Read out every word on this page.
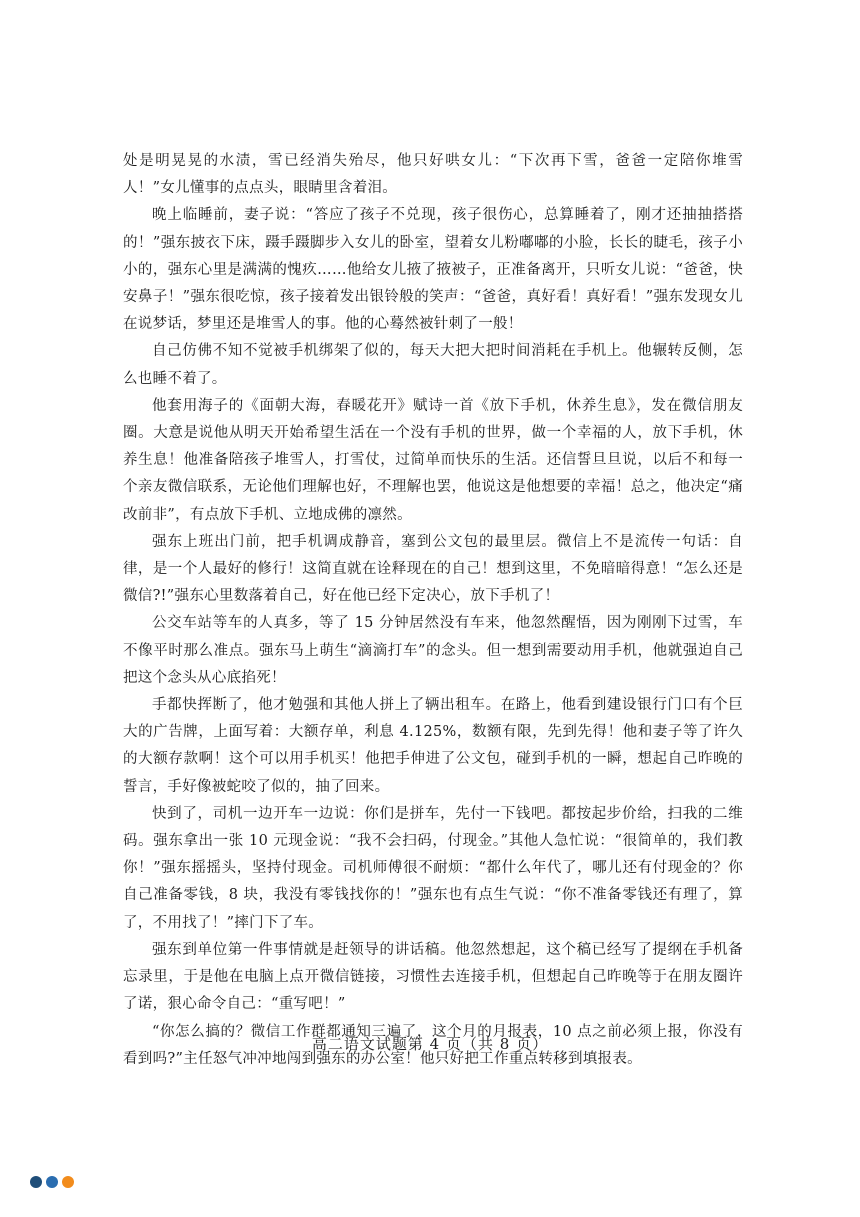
处是明晃晃的水渍，雪已经消失殆尽，他只好哄女儿：“下次再下雪，爸爸一定陪你堆雪人！”女儿懂事的点点头，眼睛里含着泪。

晚上临睡前，妻子说：“答应了孩子不兑现，孩子很伤心，总算睡着了，刚才还抽抽搭搭的！”强东披衣下床，蹑手蹑脚步入女儿的卧室，望着女儿粉嘟嘟的小脸，长长的睫毛，孩子小小的，强东心里是满满的愧疚……他给女儿掖了掖被子，正准备离开，只听女儿说：“爸爸，快安鼻子！”强东很吃惊，孩子接着发出银铃般的笑声：“爸爸，真好看！真好看！”强东发现女儿在说梦话，梦里还是堆雪人的事。他的心蓦然被针刺了一般！

自己仿佛不知不觉被手机绑架了似的，每天大把大把时间消耗在手机上。他辗转反侧，怎么也睡不着了。

他套用海子的《面朝大海，春暖花开》赋诗一首《放下手机，休养生息》，发在微信朋友圈。大意是说他从明天开始希望生活在一个没有手机的世界，做一个幸福的人，放下手机，休养生息！他准备陪孩子堆雪人，打雪仗，过简单而快乐的生活。还信誓旦旦说，以后不和每一个亲友微信联系，无论他们理解也好，不理解也罢，他说这是他想要的幸福！总之，他决定“痛改前非”，有点放下手机、立地成佛的凛然。

强东上班出门前，把手机调成静音，塞到公文包的最里层。微信上不是流传一句话：自律，是一个人最好的修行！这简直就在诠释现在的自己！想到这里，不免暗暗得意！“怎么还是微信?!”强东心里数落着自己，好在他已经下定决心，放下手机了！

公交车站等车的人真多，等了 15 分钟居然没有车来，他忽然醒悟，因为刚刚下过雪，车不像平时那么准点。强东马上萌生“滴滴打车”的念头。但一想到需要动用手机，他就强迫自己把这个念头从心底掐死！

手都快挥断了，他才勉强和其他人拼上了辆出租车。在路上，他看到建设银行门口有个巨大的广告牌，上面写着：大额存单，利息 4.125%，数额有限，先到先得！他和妻子等了许久的大额存款啊！这个可以用手机买！他把手伸进了公文包，碰到手机的一瞬，想起自己昨晚的誓言，手好像被蛇咬了似的，抽了回来。

快到了，司机一边开车一边说：你们是拼车，先付一下钱吧。都按起步价给，扫我的二维码。强东拿出一张 10 元现金说：“我不会扫码，付现金。”其他人急忙说：“很简单的，我们教你！”强东摇摇头，坚持付现金。司机师傅很不耐烦：“都什么年代了，哪儿还有付现金的？你自己准备零钱，8 块，我没有零钱找你的！”强东也有点生气说：“你不准备零钱还有理了，算了，不用找了！”摔门下了车。

强东到单位第一件事情就是赶领导的讲话稿。他忽然想起，这个稿已经写了提纲在手机备忘录里，于是他在电脑上点开微信链接，习惯性去连接手机，但想起自己昨晚等于在朋友圈许了诺，狠心命令自己：“重写吧！”

“你怎么搞的？微信工作群都通知三遍了，这个月的月报表，10 点之前必须上报，你没有看到吗?”主任怒气冲冲地闯到强东的办公室！他只好把工作重点转移到填报表。

高二语文试题第 4 页（共 8 页）
